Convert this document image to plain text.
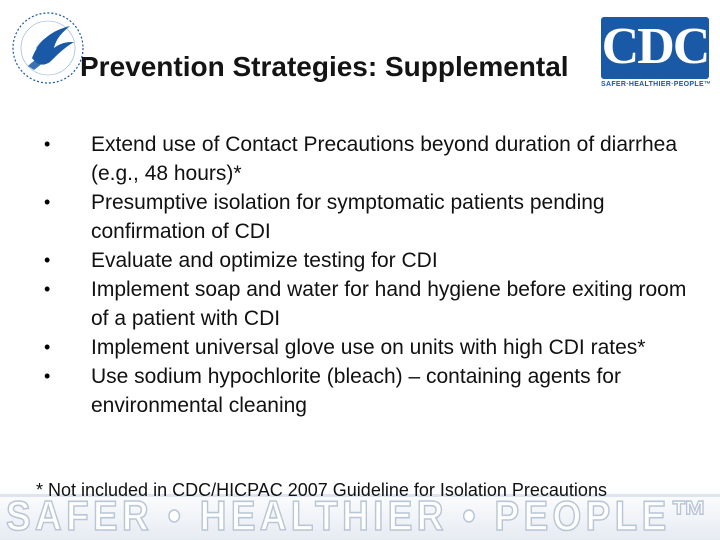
CDC
SAFER·HEALTHIER·PEOPLE™
Prevention Strategies: Supplemental
•	Extend use of Contact Precautions beyond duration of diarrhea (e.g., 48 hours)*
•	Presumptive isolation for symptomatic patients pending confirmation of CDI
•	Evaluate and optimize testing for CDI
•	Implement soap and water for hand hygiene before exiting room of a patient with CDI
•	Implement universal glove use on units with high CDI rates*
•	Use sodium hypochlorite (bleach) – containing agents for environmental cleaning
SAFER • HEALTHIER • PEOPLE™

* Not included in CDC/HICPAC 2007 Guideline for Isolation Precautions
